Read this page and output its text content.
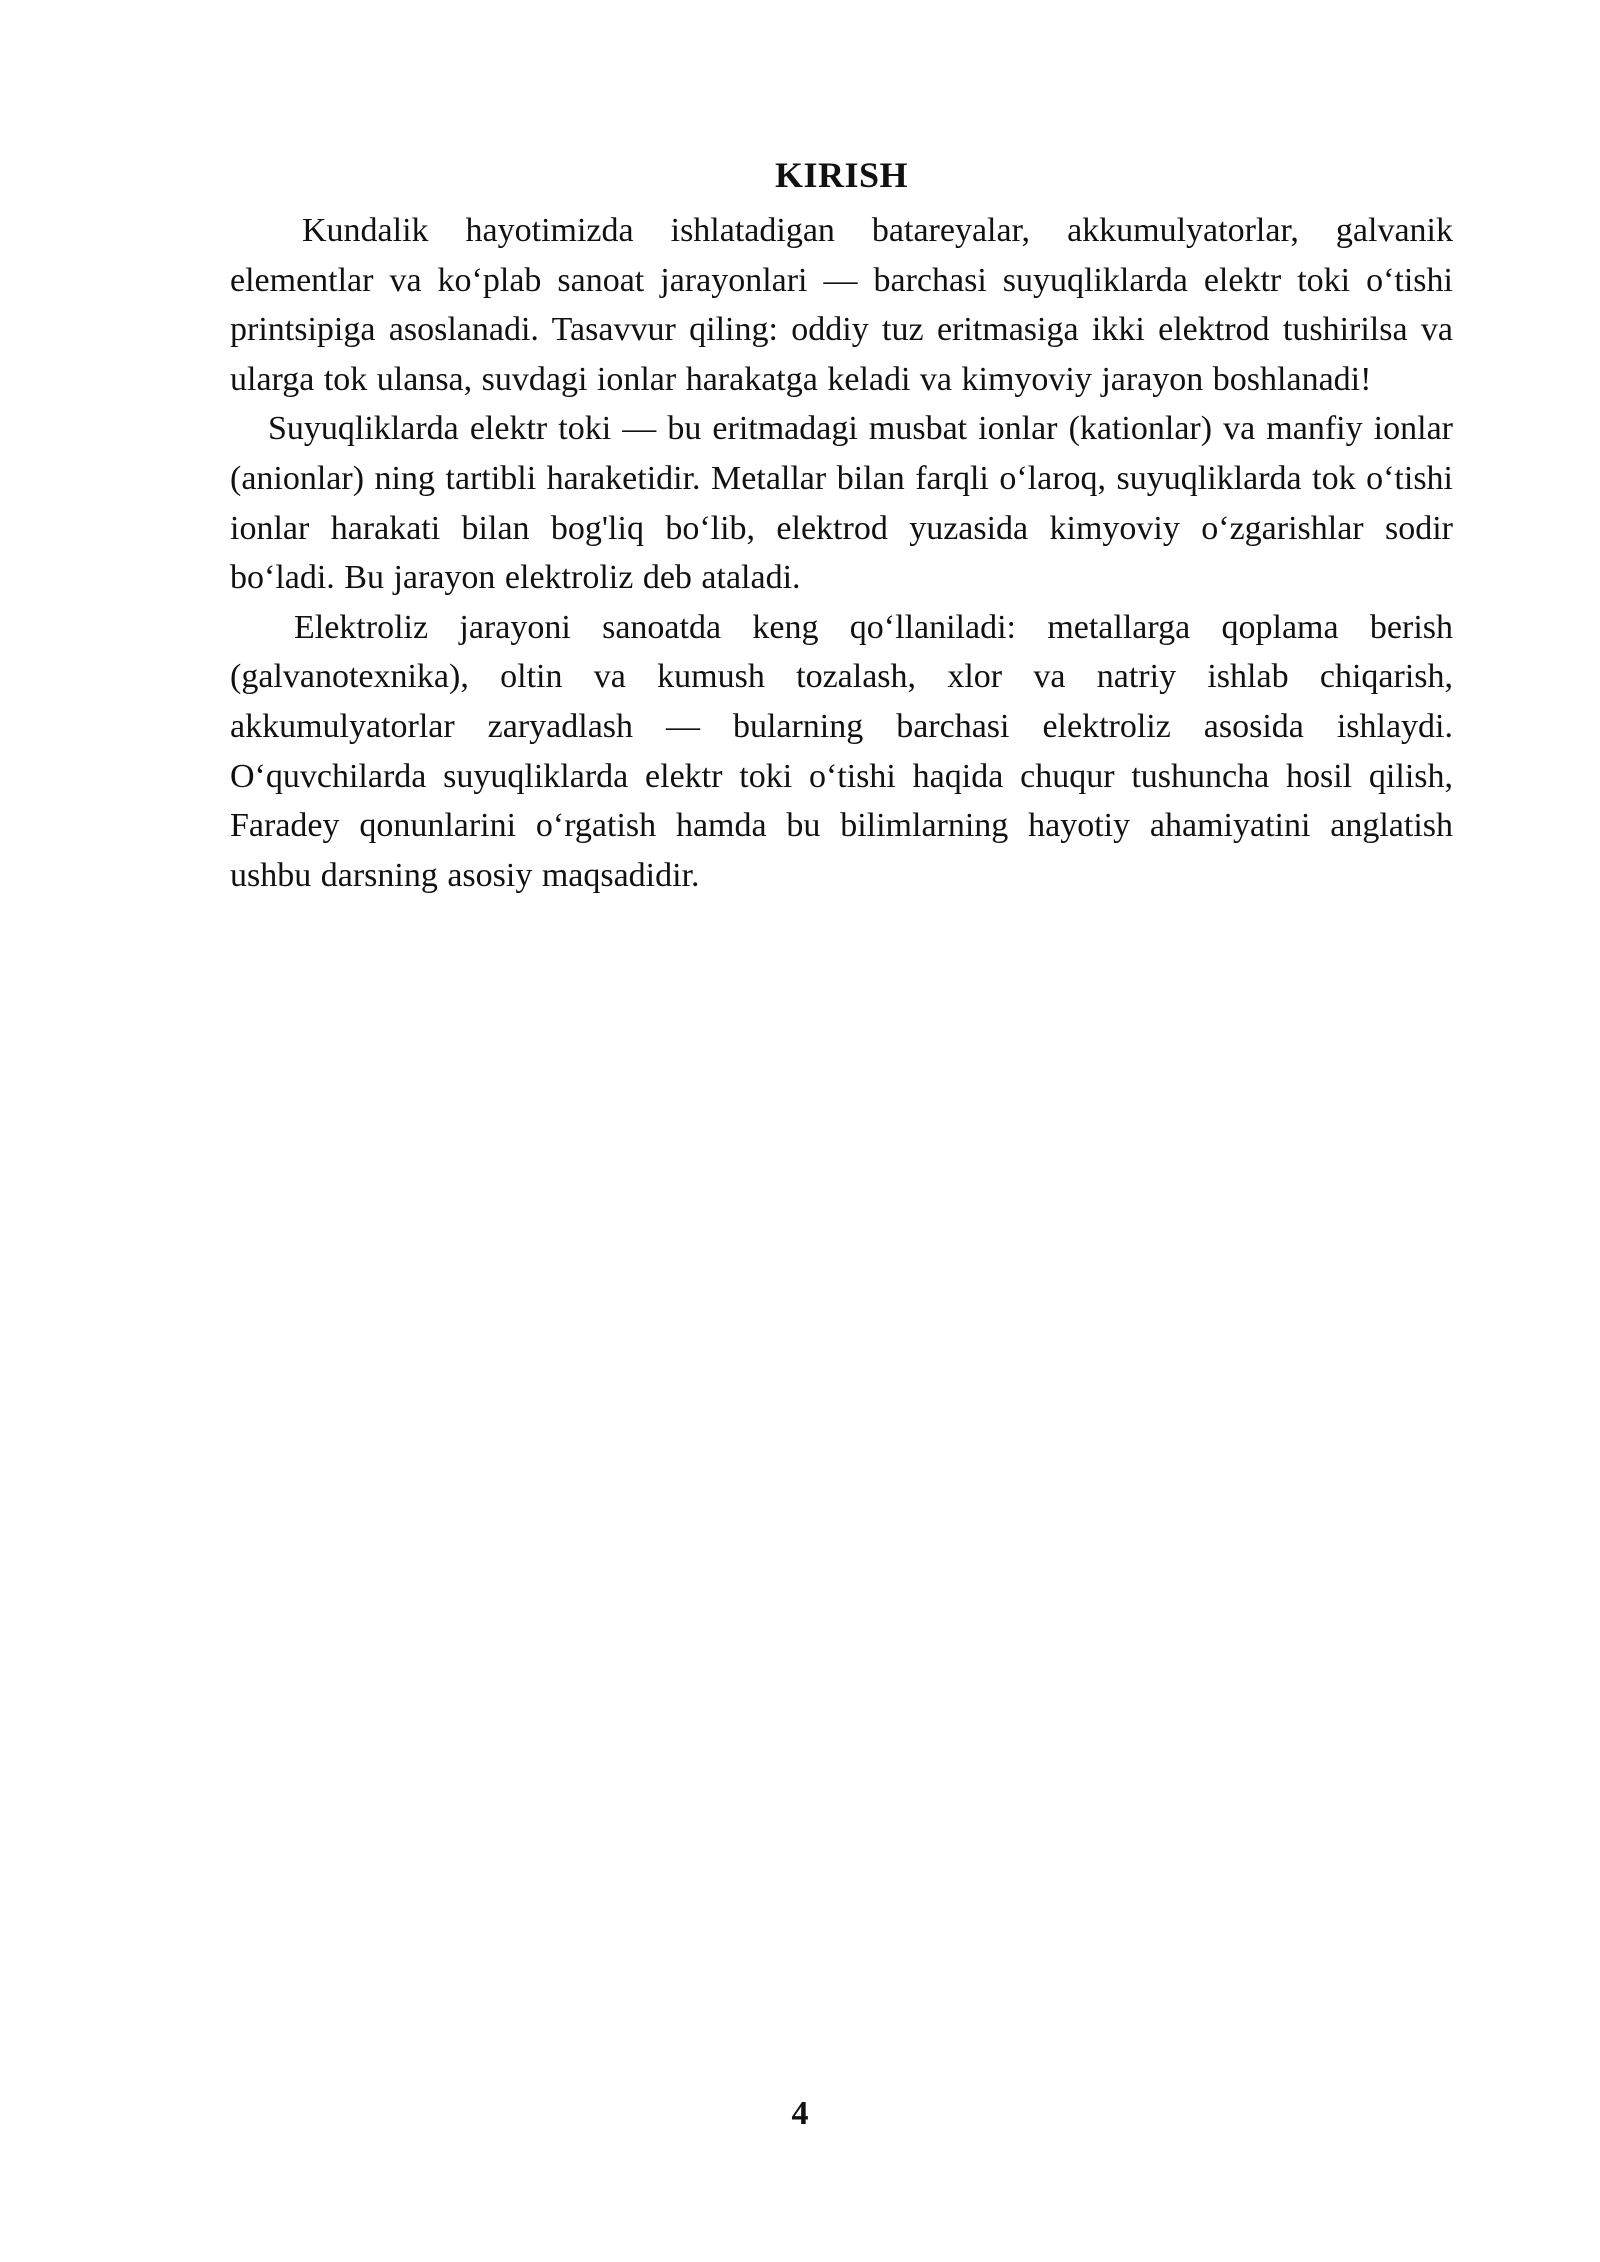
KIRISH

Kundalik hayotimizda ishlatadigan batareyalar, akkumulyatorlar, galvanik elementlar va ko‘plab sanoat jarayonlari — barchasi suyuqliklarda elektr toki o‘tishi printsipiga asoslanadi. Tasavvur qiling: oddiy tuz eritmasiga ikki elektrod tushirilsa va ularga tok ulansa, suvdagi ionlar harakatga keladi va kimyoviy jarayon boshlanadi!

Suyuqliklarda elektr toki — bu eritmadagi musbat ionlar (kationlar) va manfiy ionlar (anionlar) ning tartibli haraketidir. Metallar bilan farqli o‘laroq, suyuqliklarda tok o‘tishi ionlar harakati bilan bog'liq bo‘lib, elektrod yuzasida kimyoviy o‘zgarishlar sodir bo‘ladi. Bu jarayon elektroliz deb ataladi.

Elektroliz jarayoni sanoatda keng qo‘llaniladi: metallarga qoplama berish (galvanotexnika), oltin va kumush tozalash, xlor va natriy ishlab chiqarish, akkumulyatorlar zaryadlash — bularning barchasi elektroliz asosida ishlaydi. O‘quvchilarda suyuqliklarda elektr toki o‘tishi haqida chuqur tushuncha hosil qilish, Faradey qonunlarini o‘rgatish hamda bu bilimlarning hayotiy ahamiyatini anglatish ushbu darsning asosiy maqsadidir.

4
